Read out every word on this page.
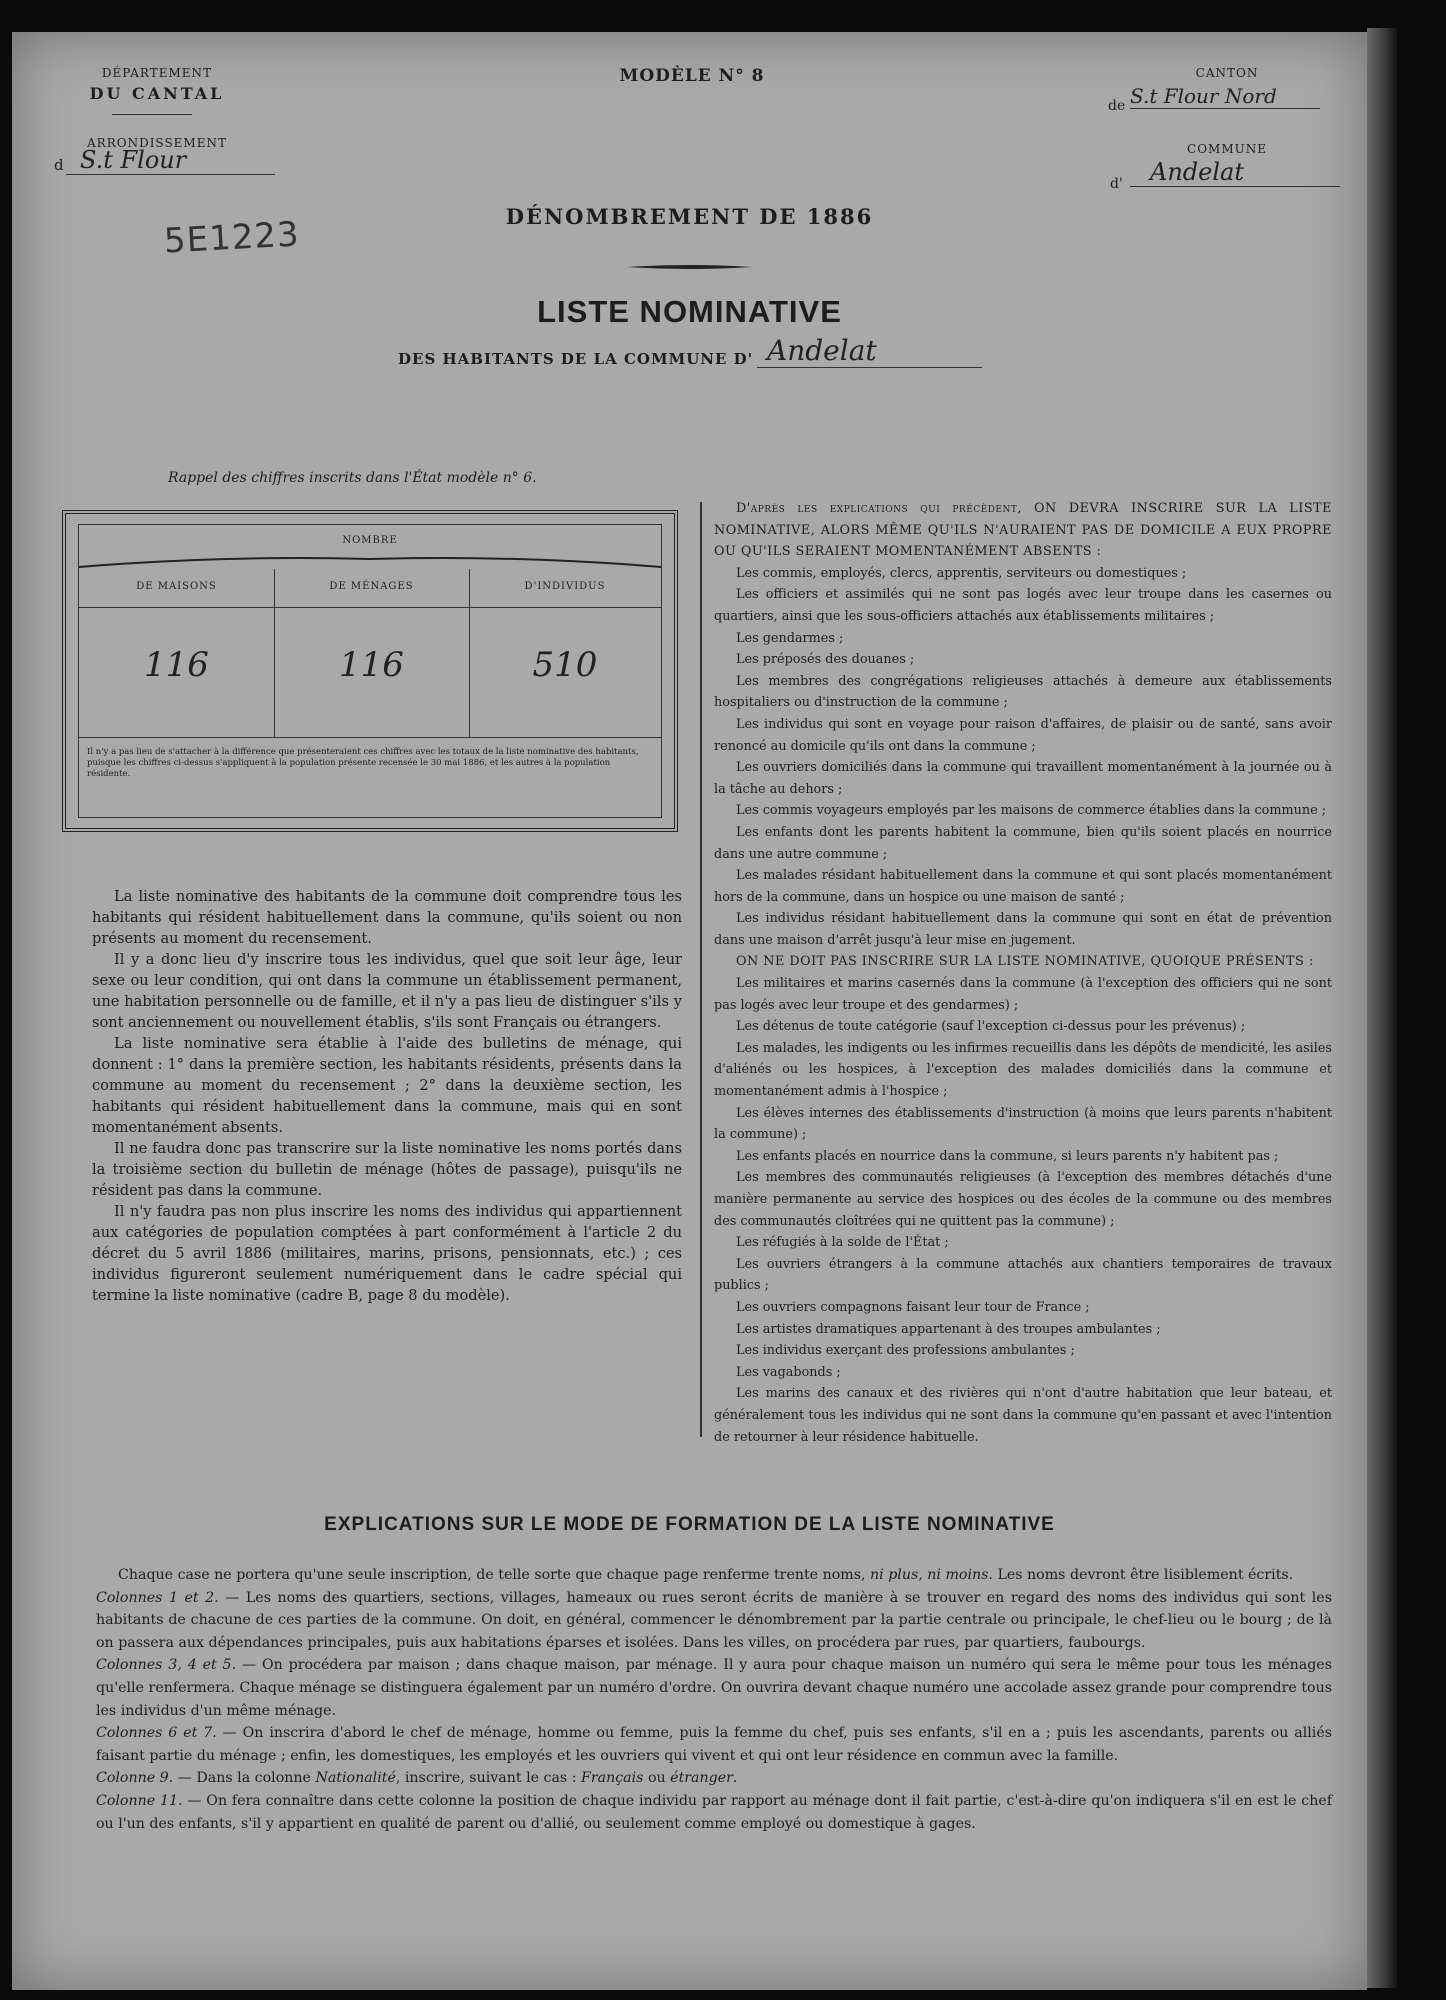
DÉPARTEMENT
DU CANTAL
ARRONDISSEMENT
d S.t Flour
MODÈLE N° 8	CANTON
de S.t Flour Nord
COMMUNE
d'	Andelat
5E1223	DÉNOMBREMENT DE 1886
LISTE NOMINATIVE
DES HABITANTS DE LA COMMUNE D' Andelat
Rappel des chiffres inscrits dans l'État modèle n° 6.
NOMBRE
DE MAISONS	DE MÉNAGES	D'INDIVIDUS
116	116	510
Il n'y a pas lieu de s'attacher à la différence que présenteraient ces chiffres avec les totaux de la liste nominative des habitants, puisque les chiffres ci-dessus s'appliquent à la population présente recensée le 30 mai 1886, et les autres à la population résidente.

La liste nominative des habitants de la commune doit comprendre tous les habitants qui résident habituellement dans la commune, qu'ils soient ou non présents au moment du recensement.

Il y a donc lieu d'y inscrire tous les individus, quel que soit leur âge, leur sexe ou leur condition, qui ont dans la commune un établissement permanent, une habitation personnelle ou de famille, et il n'y a pas lieu de distinguer s'ils y sont anciennement ou nouvellement établis, s'ils sont Français ou étrangers.

La liste nominative sera établie à l'aide des bulletins de ménage, qui donnent : 1° dans la première section, les habitants résidents, présents dans la commune au moment du recensement ; 2° dans la deuxième section, les habitants qui résident habituellement dans la commune, mais qui en sont momentanément absents.

Il ne faudra donc pas transcrire sur la liste nominative les noms portés dans la troisième section du bulletin de ménage (hôtes de passage), puisqu'ils ne résident pas dans la commune.

Il n'y faudra pas non plus inscrire les noms des individus qui appartiennent aux catégories de population comptées à part conformément à l'article 2 du décret du 5 avril 1886 (militaires, marins, prisons, pensionnats, etc.) ; ces individus figureront seulement numériquement dans le cadre spécial qui termine la liste nominative (cadre B, page 8 du modèle).

D'après les explications qui précèdent, ON DEVRA INSCRIRE SUR LA LISTE NOMINATIVE, ALORS MÊME QU'ILS N'AURAIENT PAS DE DOMICILE A EUX PROPRE OU QU'ILS SERAIENT MOMENTANÉMENT ABSENTS :

Les commis, employés, clercs, apprentis, serviteurs ou domestiques ;

Les officiers et assimilés qui ne sont pas logés avec leur troupe dans les casernes ou quartiers, ainsi que les sous-officiers attachés aux établissements militaires ;

Les gendarmes ;

Les préposés des douanes ;

Les membres des congrégations religieuses attachés à demeure aux établissements hospitaliers ou d'instruction de la commune ;

Les individus qui sont en voyage pour raison d'affaires, de plaisir ou de santé, sans avoir renoncé au domicile qu'ils ont dans la commune ;

Les ouvriers domiciliés dans la commune qui travaillent momentanément à la journée ou à la tâche au dehors ;

Les commis voyageurs employés par les maisons de commerce établies dans la commune ;

Les enfants dont les parents habitent la commune, bien qu'ils soient placés en nourrice dans une autre commune ;

Les malades résidant habituellement dans la commune et qui sont placés momentanément hors de la commune, dans un hospice ou une maison de santé ;

Les individus résidant habituellement dans la commune qui sont en état de prévention dans une maison d'arrêt jusqu'à leur mise en jugement.

ON NE DOIT PAS INSCRIRE SUR LA LISTE NOMINATIVE, QUOIQUE PRÉSENTS :

Les militaires et marins casernés dans la commune (à l'exception des officiers qui ne sont pas logés avec leur troupe et des gendarmes) ;

Les détenus de toute catégorie (sauf l'exception ci-dessus pour les prévenus) ;

Les malades, les indigents ou les infirmes recueillis dans les dépôts de mendicité, les asiles d'aliénés ou les hospices, à l'exception des malades domiciliés dans la commune et momentanément admis à l'hospice ;

Les élèves internes des établissements d'instruction (à moins que leurs parents n'habitent la commune) ;

Les enfants placés en nourrice dans la commune, si leurs parents n'y habitent pas ;

Les membres des communautés religieuses (à l'exception des membres détachés d'une manière permanente au service des hospices ou des écoles de la commune ou des membres des communautés cloîtrées qui ne quittent pas la commune) ;

Les réfugiés à la solde de l'État ;

Les ouvriers étrangers à la commune attachés aux chantiers temporaires de travaux publics ;

Les ouvriers compagnons faisant leur tour de France ;

Les artistes dramatiques appartenant à des troupes ambulantes ;

Les individus exerçant des professions ambulantes ;

Les vagabonds ;

Les marins des canaux et des rivières qui n'ont d'autre habitation que leur bateau, et généralement tous les individus qui ne sont dans la commune qu'en passant et avec l'intention de retourner à leur résidence habituelle.

EXPLICATIONS SUR LE MODE DE FORMATION DE LA LISTE NOMINATIVE

Chaque case ne portera qu'une seule inscription, de telle sorte que chaque page renferme trente noms, ni plus, ni moins. Les noms devront être lisiblement écrits.

Colonnes 1 et 2. — Les noms des quartiers, sections, villages, hameaux ou rues seront écrits de manière à se trouver en regard des noms des individus qui sont les habitants de chacune de ces parties de la commune. On doit, en général, commencer le dénombrement par la partie centrale ou principale, le chef-lieu ou le bourg ; de là on passera aux dépendances principales, puis aux habitations éparses et isolées. Dans les villes, on procédera par rues, par quartiers, faubourgs.

Colonnes 3, 4 et 5. — On procédera par maison ; dans chaque maison, par ménage. Il y aura pour chaque maison un numéro qui sera le même pour tous les ménages qu'elle renfermera. Chaque ménage se distinguera également par un numéro d'ordre. On ouvrira devant chaque numéro une accolade assez grande pour comprendre tous les individus d'un même ménage.

Colonnes 6 et 7. — On inscrira d'abord le chef de ménage, homme ou femme, puis la femme du chef, puis ses enfants, s'il en a ; puis les ascendants, parents ou alliés faisant partie du ménage ; enfin, les domestiques, les employés et les ouvriers qui vivent et qui ont leur résidence en commun avec la famille.

Colonne 9. — Dans la colonne Nationalité, inscrire, suivant le cas : Français ou étranger.

Colonne 11. — On fera connaître dans cette colonne la position de chaque individu par rapport au ménage dont il fait partie, c'est-à-dire qu'on indiquera s'il en est le chef ou l'un des enfants, s'il y appartient en qualité de parent ou d'allié, ou seulement comme employé ou domestique à gages.
